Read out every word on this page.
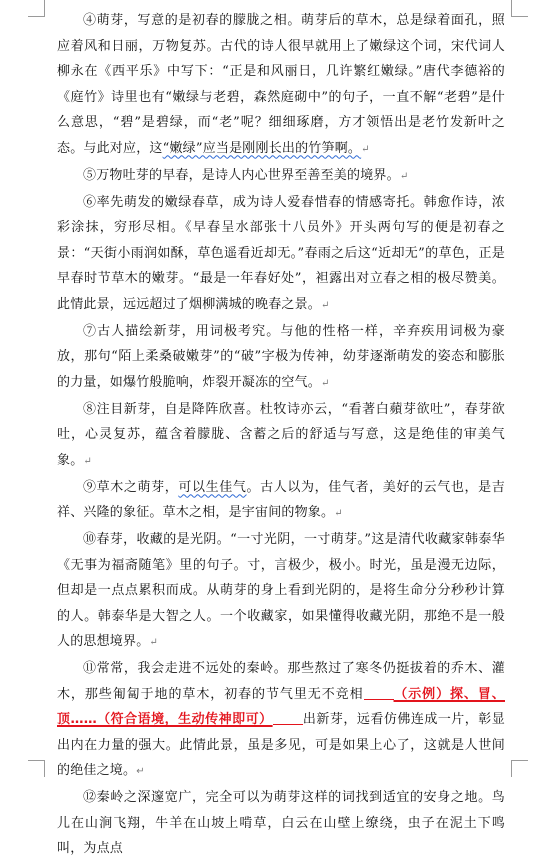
④萌芽，写意的是初春的朦胧之相。萌芽后的草木，总是绿着面孔，照应着风和日丽，万物复苏。古代的诗人很早就用上了嫩绿这个词，宋代词人柳永在《西平乐》中写下：“正是和风丽日，几许繁红嫩绿。”唐代李德裕的《庭竹》诗里也有“嫩绿与老碧，森然庭砌中”的句子，一直不解“老碧”是什么意思，“碧”是碧绿，而“老”呢？细细琢磨，方才领悟出是老竹发新叶之态。与此对应，这“嫩绿”应当是刚刚长出的竹笋啊。↵

⑤万物吐芽的早春，是诗人内心世界至善至美的境界。↵

⑥率先萌发的嫩绿春草，成为诗人爱春惜春的情感寄托。韩愈作诗，浓彩涂抹，穷形尽相。《早春呈水部张十八员外》开头两句写的便是初春之景：“天街小雨润如酥，草色遥看近却无。”春雨之后这“近却无”的草色，正是早春时节草木的嫩芽。“最是一年春好处”，袒露出对立春之相的极尽赞美。此情此景，远远超过了烟柳满城的晚春之景。↵

⑦古人描绘新芽，用词极考究。与他的性格一样，辛弃疾用词极为豪放，那句“陌上柔桑破嫩芽”的“破”字极为传神，幼芽逐渐萌发的姿态和膨胀的力量，如爆竹般脆响，炸裂开凝冻的空气。↵

⑧注目新芽，自是降阵欣喜。杜牧诗亦云，“看著白蘋芽欲吐”，春芽欲吐，心灵复苏，蕴含着朦胧、含蓄之后的舒适与写意，这是绝佳的审美气象。↵

⑨草木之萌芽，可以生佳气。古人以为，佳气者，美好的云气也，是吉祥、兴隆的象征。草木之相，是宇宙间的物象。↵

⑩春芽，收藏的是光阴。“一寸光阴，一寸萌芽。”这是清代收藏家韩泰华《无事为福斋随笔》里的句子。寸，言极少，极小。时光，虽是漫无边际，但却是一点点累积而成。从萌芽的身上看到光阴的，是将生命分分秒秒计算的人。韩泰华是大智之人。一个收藏家，如果懂得收藏光阴，那绝不是一般人的思想境界。↵

⑪常常，我会走进不远处的秦岭。那些熬过了寒冬仍挺拔着的乔木、灌木，那些匍匐于地的草木，初春的节气里无不竞相 （示例）探、冒、顶……（符合语境，生动传神即可） 出新芽，远看仿佛连成一片，彰显出内在力量的强大。此情此景，虽是多见，可是如果上心了，这就是人世间的绝佳之境。↵

⑫秦岭之深邃宽广，完全可以为萌芽这样的词找到适宜的安身之地。鸟儿在山涧飞翔，牛羊在山坡上啃草，白云在山壁上缭绕，虫子在泥土下鸣叫，为点点
